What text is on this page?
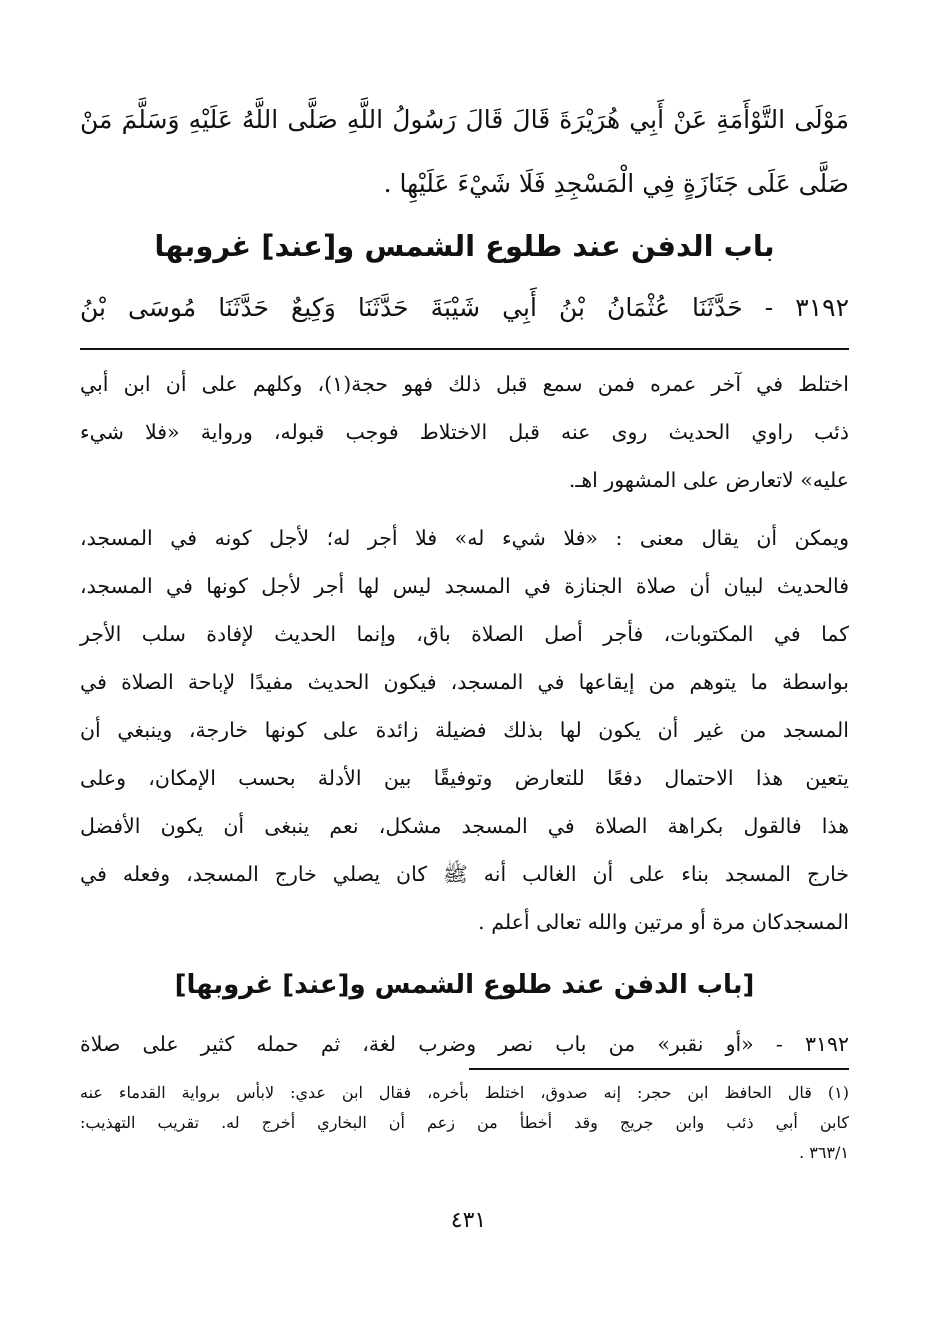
مَوْلَى التَّوْأَمَةِ عَنْ أَبِي هُرَيْرَةَ قَالَ قَالَ رَسُولُ اللَّهِ صَلَّى اللَّهُ عَلَيْهِ وَسَلَّمَ مَنْ

صَلَّى عَلَى جَنَازَةٍ فِي الْمَسْجِدِ فَلَا شَيْءَ عَلَيْهِا .

باب الدفن عند طلوع الشمس و[عند] غروبها

٣١٩٢ - حَدَّثَنَا عُثْمَانُ بْنُ أَبِي شَيْبَةَ حَدَّثَنَا وَكِيعٌ حَدَّثَنَا مُوسَى بْنُ

اختلط في آخر عمره فمن سمع قبل ذلك فهو حجة(١)، وكلهم على أن ابن أبي

ذئب راوي الحديث روى عنه قبل الاختلاط فوجب قبوله، ورواية «فلا شيء

عليه» لاتعارض على المشهور اهـ.

ويمكن أن يقال معنى : «فلا شيء له» فلا أجر له؛ لأجل كونه في المسجد،

فالحديث لبيان أن صلاة الجنازة في المسجد ليس لها أجر لأجل كونها في المسجد،

كما في المكتوبات، فأجر أصل الصلاة باق، وإنما الحديث لإفادة سلب الأجر

بواسطة ما يتوهم من إيقاعها في المسجد، فيكون الحديث مفيدًا لإباحة الصلاة في

المسجد من غير أن يكون لها بذلك فضيلة زائدة على كونها خارجة، وينبغي أن

يتعين هذا الاحتمال دفعًا للتعارض وتوفيقًا بين الأدلة بحسب الإمكان، وعلى

هذا فالقول بكراهة الصلاة في المسجد مشكل، نعم ينبغى أن يكون الأفضل

خارج المسجد بناء على أن الغالب أنه ﷺ كان يصلي خارج المسجد، وفعله في

المسجدكان مرة أو مرتين والله تعالى أعلم .

[باب الدفن عند طلوع الشمس و[عند] غروبها]

٣١٩٢ - «أو نقبر» من باب نصر وضرب لغة، ثم حمله كثير على صلاة

(١) قال الحافظ ابن حجر: إنه صدوق، اختلط بأخره، فقال ابن عدي: لابأس برواية القدماء عنه

كابن أبي ذئب وابن جريج وقد أخطأ من زعم أن البخاري أخرج له. تقريب التهذيب:

٣٦٣/١ .

٤٣١
